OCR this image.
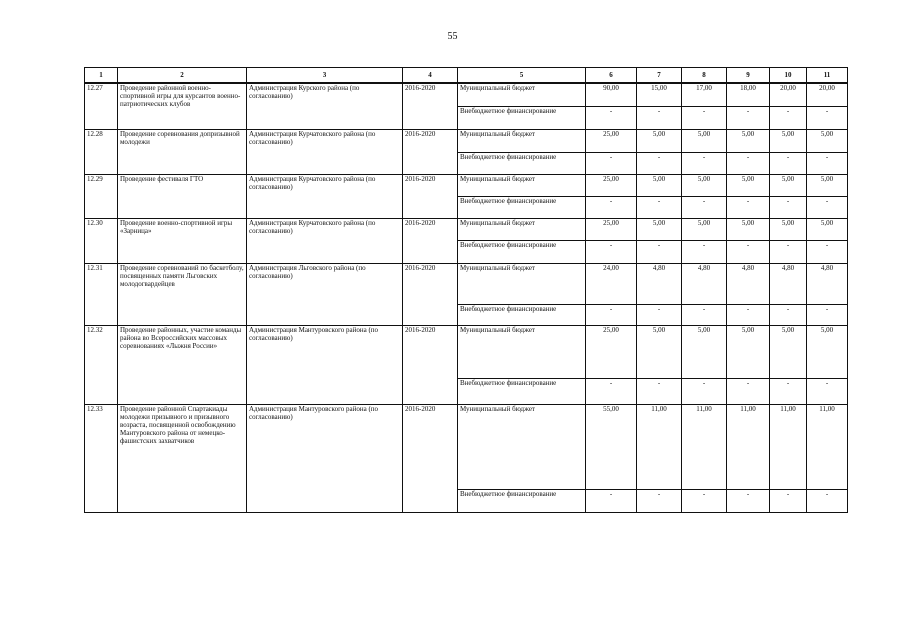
55
1	2	3	4	5	6	7	8	9	10	11
12.27	Проведение районной военно-спортивной игры для курсантов военно-патриотических клубов	Администрация Курского района (по согласованию)	2016-2020	Муниципальный бюджет	90,00	15,00	17,00	18,00	20,00	20,00
				Внебюджетное финансирование	-	-	-	-	-	-
12.28	Проведение соревнования допризывной молодежи	Администрация Курчатовского района (по согласованию)	2016-2020	Муниципальный бюджет	25,00	5,00	5,00	5,00	5,00	5,00
				Внебюджетное финансирование	-	-	-	-	-	-
12.29	Проведение фестиваля ГТО	Администрация Курчатовского района (по согласованию)	2016-2020	Муниципальный бюджет	25,00	5,00	5,00	5,00	5,00	5,00
				Внебюджетное финансирование	-	-	-	-	-	-
12.30	Проведение военно-спортивной игры «Зарница»	Администрация Курчатовского района (по согласованию)	2016-2020	Муниципальный бюджет	25,00	5,00	5,00	5,00	5,00	5,00
				Внебюджетное финансирование	-	-	-	-	-	-
12.31	Проведение соревнований по баскетболу, посвященных памяти Льговских молодогвардейцев	Администрация Льговского района (по согласованию)	2016-2020	Муниципальный бюджет	24,00	4,80	4,80	4,80	4,80	4,80
				Внебюджетное финансирование	-	-	-	-	-	-
12.32	Проведение районных, участие команды района во Всероссийских массовых соревнованиях «Лыжня России»	Администрация Мантуровского района (по согласованию)	2016-2020	Муниципальный бюджет	25,00	5,00	5,00	5,00	5,00	5,00
				Внебюджетное финансирование	-	-	-	-	-	-
12.33	Проведение районной Спартакиады молодежи призывного и призывного возраста, посвященной освобождению Мантуровского района от немецко-фашистских захватчиков	Администрация Мантуровского района (по согласованию)	2016-2020	Муниципальный бюджет	55,00	11,00	11,00	11,00	11,00	11,00
				Внебюджетное финансирование	-	-	-	-	-	-
